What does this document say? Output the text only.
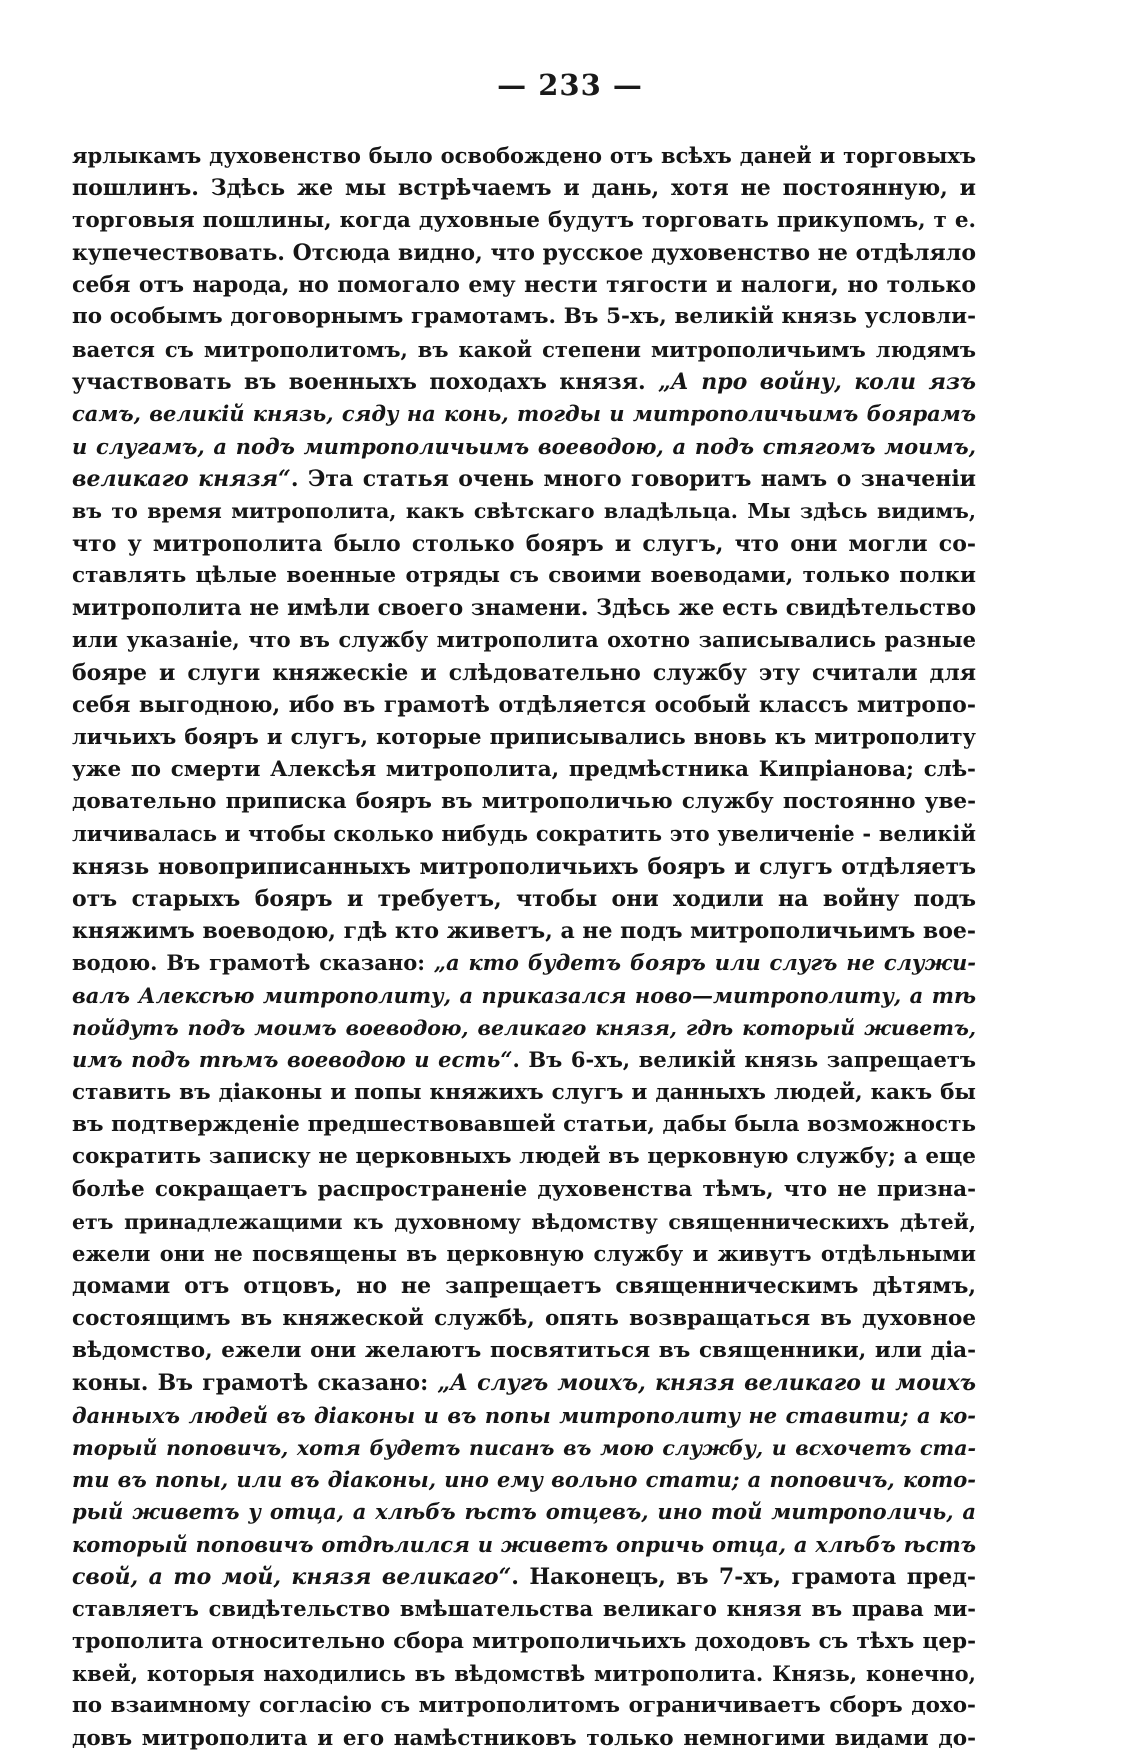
— 233 —
ярлыкамъ духовенство было освобождено отъ всѣхъ даней и торговыхъ
пошлинъ. Здѣсь же мы встрѣчаемъ и дань, хотя не постоянную, и
торговыя пошлины, когда духовные будутъ торговать прикупомъ, т е.
купечествовать. Отсюда видно, что русское духовенство не отдѣляло
себя отъ народа, но помогало ему нести тягости и налоги, но только
по особымъ договорнымъ грамотамъ. Въ 5-хъ, великій князь условли-
вается съ митрополитомъ, въ какой степени митрополичьимъ людямъ
участвовать въ военныхъ походахъ князя. „А про войну, коли язъ
самъ, великій князь, сяду на конь, тогды и митрополичьимъ боярамъ
и слугамъ, а подъ митрополичьимъ воеводою, а подъ стягомъ моимъ,
великаго князя“. Эта статья очень много говоритъ намъ о значеніи
въ то время митрополита, какъ свѣтскаго владѣльца. Мы здѣсь видимъ,
что у митрополита было столько бояръ и слугъ, что они могли со-
ставлять цѣлые военные отряды съ своими воеводами, только полки
митрополита не имѣли своего знамени. Здѣсь же есть свидѣтельство
или указаніе, что въ службу митрополита охотно записывались разные
бояре и слуги княжескіе и слѣдовательно службу эту считали для
себя выгодною, ибо въ грамотѣ отдѣляется особый классъ митропо-
личьихъ бояръ и слугъ, которые приписывались вновь къ митрополиту
уже по смерти Алексѣя митрополита, предмѣстника Кипріанова; слѣ-
довательно приписка бояръ въ митрополичью службу постоянно уве-
личивалась и чтобы сколько нибудь сократить это увеличеніе - великій
князь новоприписанныхъ митрополичьихъ бояръ и слугъ отдѣляетъ
отъ старыхъ бояръ и требуетъ, чтобы они ходили на войну подъ
княжимъ воеводою, гдѣ кто живетъ, а не подъ митрополичьимъ вое-
водою. Въ грамотѣ сказано: „а кто будетъ бояръ или слугъ не служи-
валъ Алексѣю митрополиту, а приказался ново—митрополиту, а тѣ
пойдутъ подъ моимъ воеводою, великаго князя, гдѣ который живетъ,
имъ подъ тѣмъ воеводою и есть“. Въ 6-хъ, великій князь запрещаетъ
ставить въ діаконы и попы княжихъ слугъ и данныхъ людей, какъ бы
въ подтвержденіе предшествовавшей статьи, дабы была возможность
сократить записку не церковныхъ людей въ церковную службу; а еще
болѣе сокращаетъ распространеніе духовенства тѣмъ, что не призна-
етъ принадлежащими къ духовному вѣдомству священническихъ дѣтей,
ежели они не посвящены въ церковную службу и живутъ отдѣльными
домами отъ отцовъ, но не запрещаетъ священническимъ дѣтямъ,
состоящимъ въ княжеской службѣ, опять возвращаться въ духовное
вѣдомство, ежели они желаютъ посвятиться въ священники, или діа-
коны. Въ грамотѣ сказано: „А слугъ моихъ, князя великаго и моихъ
данныхъ людей въ діаконы и въ попы митрополиту не ставити; а ко-
торый поповичъ, хотя будетъ писанъ въ мою службу, и всхочетъ ста-
ти въ попы, или въ діаконы, ино ему вольно стати; а поповичъ, кото-
рый живетъ у отца, а хлѣбъ ѣстъ отцевъ, ино той митрополичь, а
который поповичъ отдѣлился и живетъ опричь отца, а хлѣбъ ѣстъ
свой, а то мой, князя великаго“. Наконецъ, въ 7-хъ, грамота пред-
ставляетъ свидѣтельство вмѣшательства великаго князя въ права ми-
трополита относительно сбора митрополичьихъ доходовъ съ тѣхъ цер-
квей, которыя находились въ вѣдомствѣ митрополита. Князь, конечно,
по взаимному согласію съ митрополитомъ ограничиваетъ сборъ дохо-
довъ митрополита и его намѣстниковъ только немногими видами до-
